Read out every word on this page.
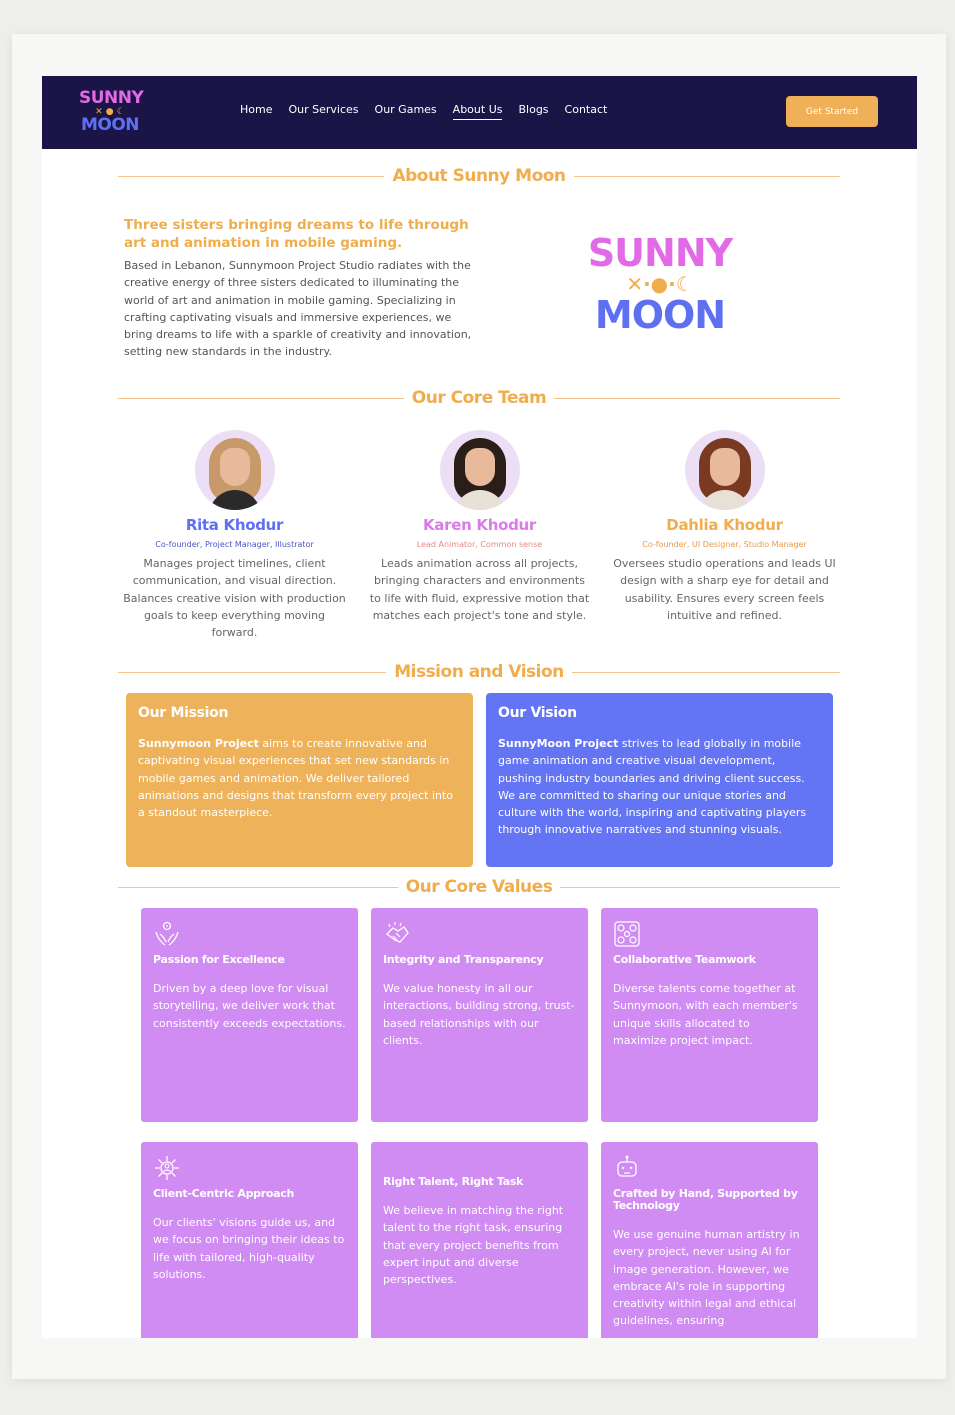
SUNNY
✕ ● ☾
MOON
Home Our Services Our Games About Us Blogs Contact	Get Started
About Sunny Moon
Three sisters bringing dreams to life through art and animation in mobile gaming.
Based in Lebanon, Sunnymoon Project Studio radiates with the creative energy of three sisters dedicated to illuminating the world of art and animation in mobile gaming. Specializing in crafting captivating visuals and immersive experiences, we bring dreams to life with a sparkle of creativity and innovation, setting new standards in the industry.
SUNNY
✕·●·☾
MOON
Our Core Team
Rita Khodur
Co-founder, Project Manager, Illustrator
Manages project timelines, client communication, and visual direction. Balances creative vision with production goals to keep everything moving forward.
Karen Khodur
Lead Animator, Common sense
Leads animation across all projects, bringing characters and environments to life with fluid, expressive motion that matches each project's tone and style.
Dahlia Khodur
Co-founder, UI Designer, Studio Manager
Oversees studio operations and leads UI design with a sharp eye for detail and usability. Ensures every screen feels intuitive and refined.
Mission and Vision
Our Mission
Sunnymoon Project aims to create innovative and captivating visual experiences that set new standards in mobile games and animation. We deliver tailored animations and designs that transform every project into a standout masterpiece.
Our Vision
SunnyMoon Project strives to lead globally in mobile game animation and creative visual development, pushing industry boundaries and driving client success. We are committed to sharing our unique stories and culture with the world, inspiring and captivating players through innovative narratives and stunning visuals.
Our Core Values
Passion for Excellence
Driven by a deep love for visual storytelling, we deliver work that consistently exceeds expectations.
Integrity and Transparency
We value honesty in all our interactions, building strong, trust-based relationships with our clients.
Collaborative Teamwork
Diverse talents come together at Sunnymoon, with each member's unique skills allocated to maximize project impact.
Client-Centric Approach
Our clients' visions guide us, and we focus on bringing their ideas to life with tailored, high-quality solutions.
Right Talent, Right Task
We believe in matching the right talent to the right task, ensuring that every project benefits from expert input and diverse perspectives.
Crafted by Hand, Supported by Technology
We use genuine human artistry in every project, never using AI for image generation. However, we embrace AI's role in supporting creativity within legal and ethical guidelines, ensuring
